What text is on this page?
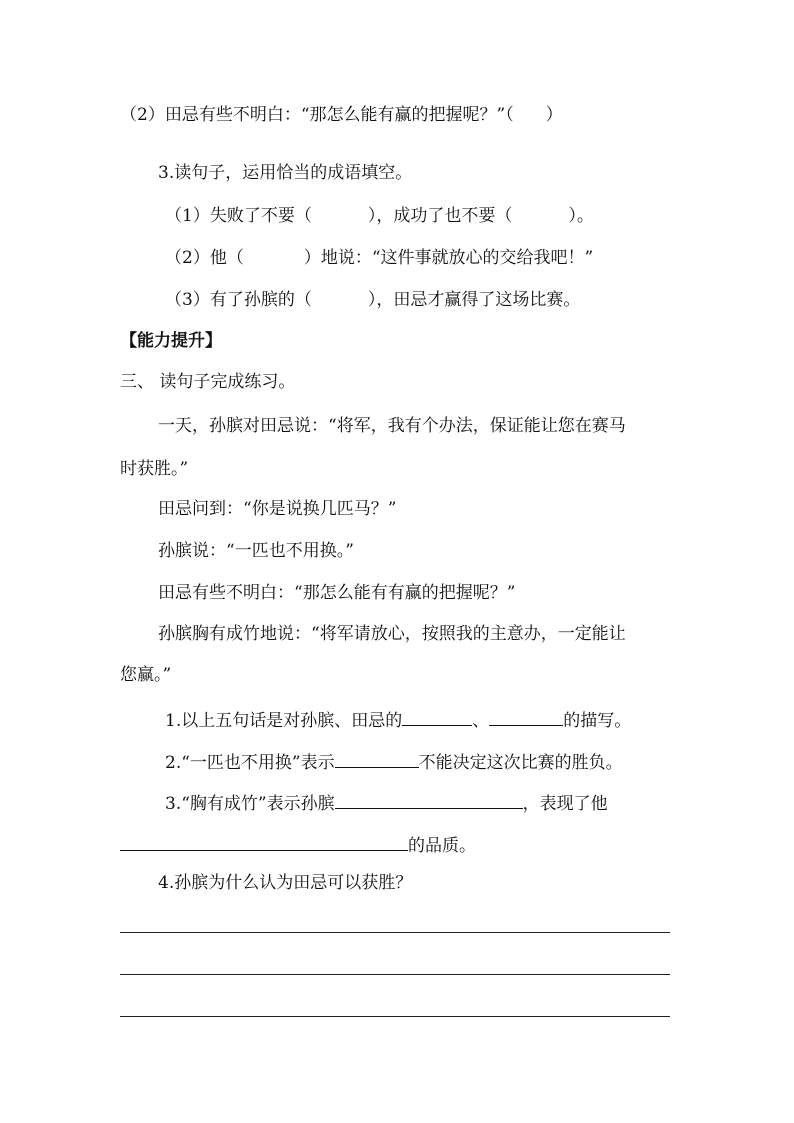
（2）田忌有些不明白：“那怎么能有赢的把握呢？”（ ）
3.读句子，运用恰当的成语填空。
（1）失败了不要（	），成功了也不要（	）。
（2）他（	）地说：“这件事就放心的交给我吧！”
（3）有了孙膑的（	），田忌才赢得了这场比赛。
【能力提升】
三、 读句子完成练习。
一天，孙膑对田忌说：“将军，我有个办法，保证能让您在赛马
时获胜。”
田忌问到：“你是说换几匹马？”
孙膑说：“一匹也不用换。”
田忌有些不明白：“那怎么能有有赢的把握呢？”
孙膑胸有成竹地说：“将军请放心，按照我的主意办，一定能让
您赢。”
1.以上五句话是对孙膑、田忌的	、	的描写。
2.“一匹也不用换”表示	不能决定这次比赛的胜负。
3.“胸有成竹”表示孙膑	，表现了他
的品质。
4.孙膑为什么认为田忌可以获胜？
